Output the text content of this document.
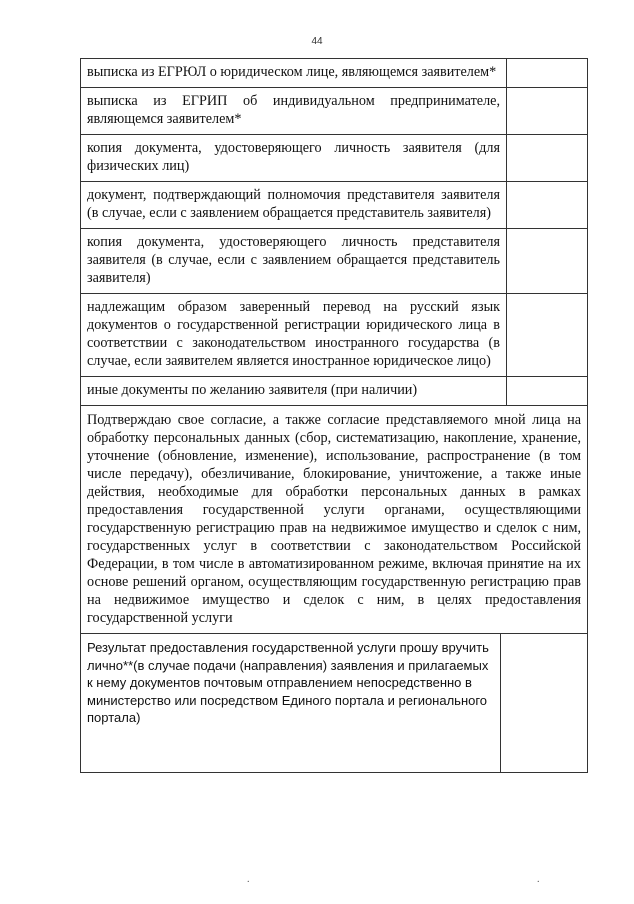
44
выписка из ЕГРЮЛ о юридическом лице, являющемся заявителем*
выписка из ЕГРИП об индивидуальном предпринимателе, являющемся заявителем*
копия документа, удостоверяющего личность заявителя (для физических лиц)
документ, подтверждающий полномочия представителя заявителя (в случае, если с заявлением обращается представитель заявителя)
копия документа, удостоверяющего личность представителя заявителя (в случае, если с заявлением обращается представитель заявителя)
надлежащим образом заверенный перевод на русский язык документов о государственной регистрации юридического лица в соответствии с законодательством иностранного государства (в случае, если заявителем является иностранное юридическое лицо)
иные документы по желанию заявителя (при наличии)
Подтверждаю свое согласие, а также согласие представляемого мной лица на обработку персональных данных (сбор, систематизацию, накопление, хранение, уточнение (обновление, изменение), использование, распространение (в том числе передачу), обезличивание, блокирование, уничтожение, а также иные действия, необходимые для обработки персональных данных в рамках предоставления государственной услуги органами, осуществляющими государственную регистрацию прав на недвижимое имущество и сделок с ним, государственных услуг в соответствии с законодательством Российской Федерации, в том числе в автоматизированном режиме, включая принятие на их основе решений органом, осуществляющим государственную регистрацию прав на недвижимое имущество и сделок с ним, в целях предоставления государственной услуги
Результат предоставления государственной услуги прошу вручить лично**(в случае подачи (направления) заявления и прилагаемых к нему документов почтовым отправлением непосредственно в министерство или посредством Единого портала и регионального портала)
.	.
